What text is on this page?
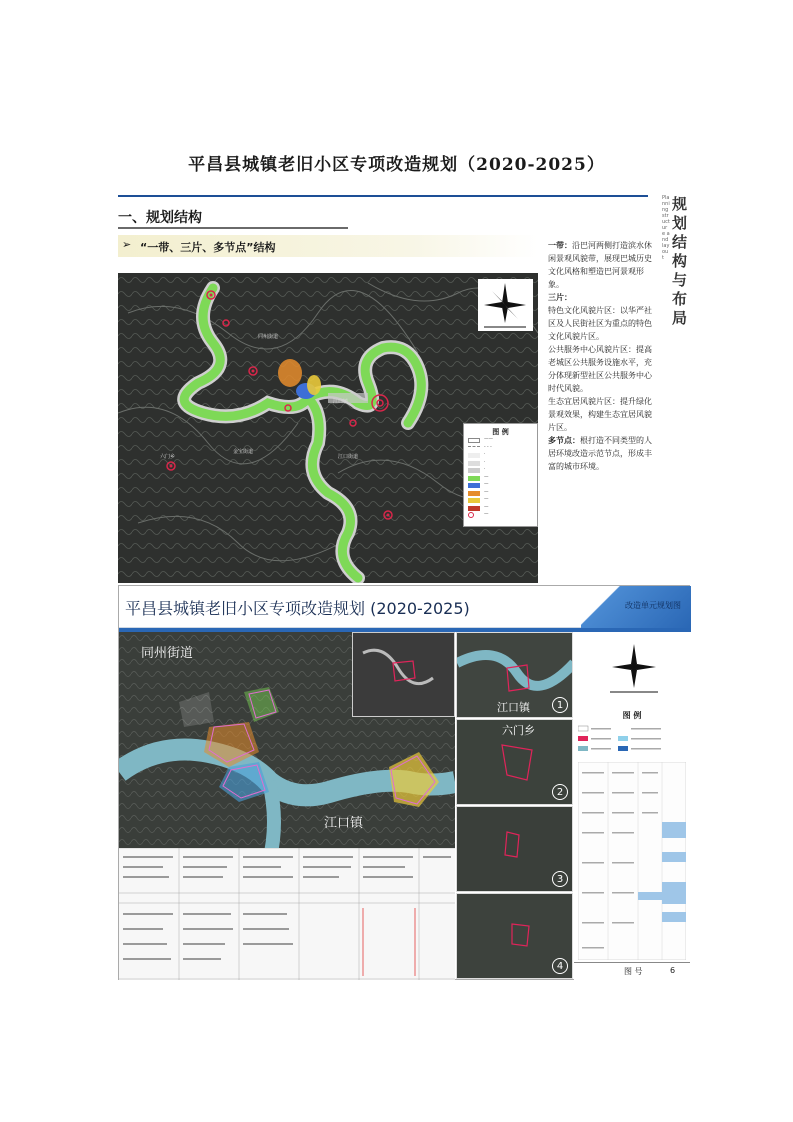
平昌县城镇老旧小区专项改造规划（2020-2025）
一、规划结构
➢ “一带、三片、多节点”结构
同州街道
江口镇
江口街道
金宝街道
六门乡
图 例
——
- - -
·
·
·
—
—
—
—
—
—

一带：沿巴河两侧打造滨水休闲景观风貌带，展现巴城历史文化风格和塑造巴河景观形象。

三片：

特色文化风貌片区：以华严社区及人民街社区为重点的特色文化风貌片区。

公共服务中心风貌片区：提高老城区公共服务设施水平，充分体现新型社区公共服务中心时代风貌。

生态宜居风貌片区：提升绿化景观效果，构建生态宜居风貌片区。

多节点：根打造不同类型的人居环境改造示范节点，形成丰富的城市环境。

Planning structure and layout
规划结构与布局
平昌县城镇老旧小区专项改造规划 (2020-2025)	改造单元规划图
同州街道
江口镇
江口镇	1
六门乡
2
3
4
图 例
图 号	6
